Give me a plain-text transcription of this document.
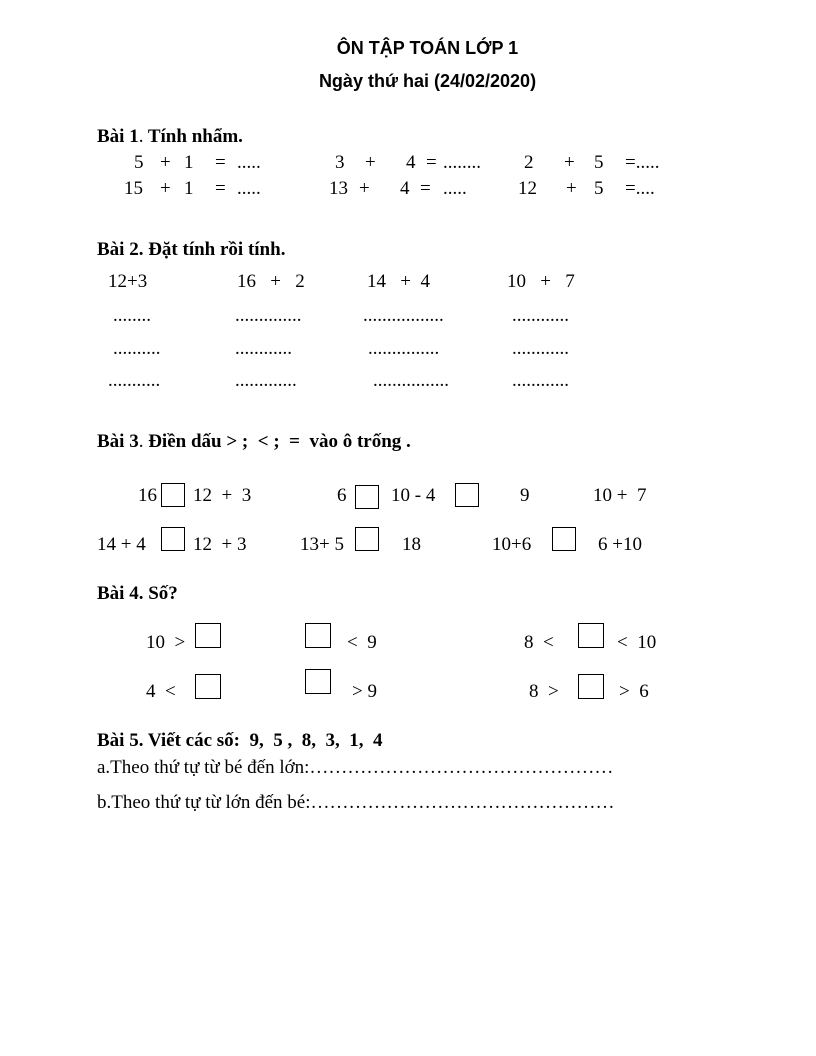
ÔN TẬP TOÁN LỚP 1
Ngày thứ hai (24/02/2020)
Bài 1. Tính nhẩm.
5 + 1 = .....	3 + 4 = ........ 2 + 5 =.....
15 + 1 = .....	13 + 4 = .....	12 + 5 =....
Bài 2. Đặt tính rồi tính.
12+3	16   +   2	14   +  4	10   +   7
........	..............	.................	............
..........	............	...............	............
...........	.............	................	............
Bài 3. Điền dấu > ;  < ;  =  vào ô trống .
16 12  +  3	6 10 - 4	9	10 +  7
14 + 4 12  + 3	13+ 5	18	10+6	6 +10
Bài 4. Số?
10  >	<  9	8  <	<  10
4  <	> 9	8  >	>  6
Bài 5. Viết các số:  9,  5 ,  8,  3,  1,  4
a.Theo thứ tự từ bé đến lớn:…………………………………………
b.Theo thứ tự từ lớn đến bé:…………………………………………
